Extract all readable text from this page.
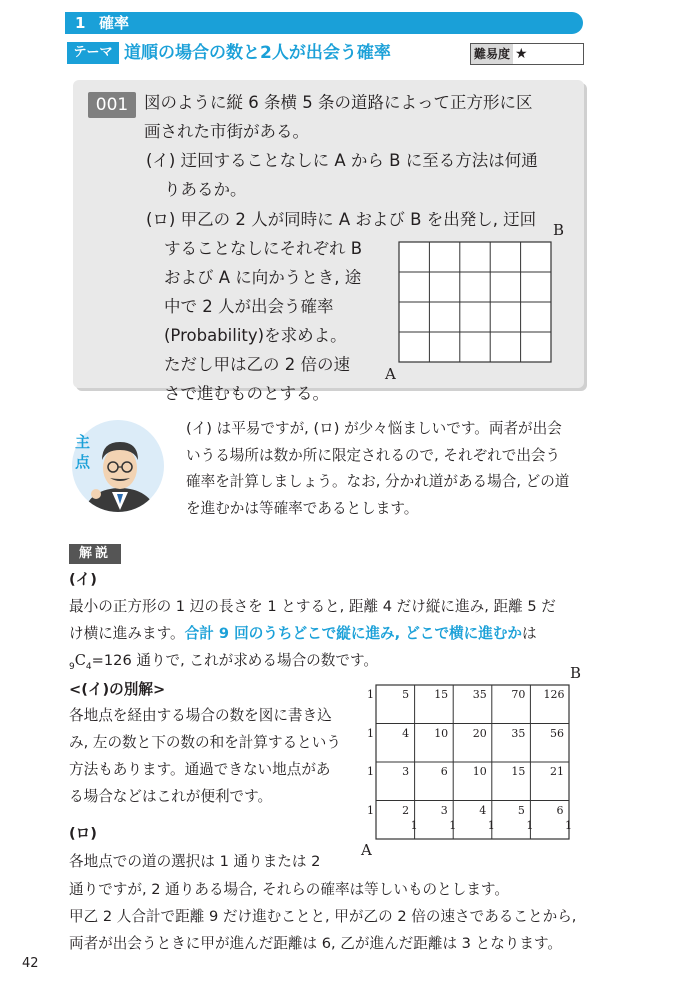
1 確率
テーマ 道順の場合の数と2人が出会う確率	難易度 ★
001 図のように縦 6 条横 5 条の道路によって正方形に区
画された市街がある。
(イ) 迂回することなしに A から B に至る方法は何通
りあるか。
(ロ) 甲乙の 2 人が同時に A および B を出発し, 迂回
することなしにそれぞれ B
および A に向かうとき, 途
中で 2 人が出会う確率
(Probability)を求めよ。
ただし甲は乙の 2 倍の速
さで進むものとする。
B
A
主点
(イ) は平易ですが, (ロ) が少々悩ましいです。両者が出会
いうる場所は数か所に限定されるので, それぞれで出会う
確率を計算しましょう。なお, 分かれ道がある場合, どの道
を進むかは等確率であるとします。
解説
(イ)
最小の正方形の 1 辺の長さを 1 とすると, 距離 4 だけ縦に進み, 距離 5 だ
け横に進みます。合計 9 回のうちどこで縦に進み, どこで横に進むかは
$_9C_4=126$ 通りで, これが求める場合の数です。
<(イ)の別解>
各地点を経由する場合の数を図に書き込
み, 左の数と下の数の和を計算するという
方法もあります。通過できない地点があ
る場合などはこれが便利です。
(ロ)
各地点での道の選択は 1 通りまたは 2
通りですが, 2 通りある場合, それらの確率は等しいものとします。
甲乙 2 人合計で距離 9 だけ進むことと, 甲が乙の 2 倍の速さであることから,
両者が出会うときに甲が進んだ距離は 6, 乙が進んだ距離は 3 となります。
B
A
1	5 15 35 70 126
1	4 10 20 35 56
1	3	6 10 15 21
1	2	3	4	5	6
1	1	1	1	1
42
